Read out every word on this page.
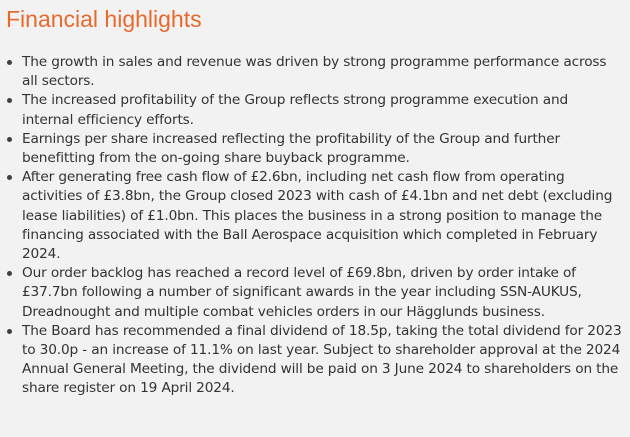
Financial highlights
The growth in sales and revenue was driven by strong programme performance across all sectors.
The increased profitability of the Group reflects strong programme execution and internal efficiency efforts.
Earnings per share increased reflecting the profitability of the Group and further benefitting from the on-going share buyback programme.
After generating free cash flow of £2.6bn, including net cash flow from operating activities of £3.8bn, the Group closed 2023 with cash of £4.1bn and net debt (excluding lease liabilities) of £1.0bn. This places the business in a strong position to manage the financing associated with the Ball Aerospace acquisition which completed in February 2024.
Our order backlog has reached a record level of £69.8bn, driven by order intake of £37.7bn following a number of significant awards in the year including SSN-AUKUS, Dreadnought and multiple combat vehicles orders in our Hägglunds business.
The Board has recommended a final dividend of 18.5p, taking the total dividend for 2023 to 30.0p - an increase of 11.1% on last year. Subject to shareholder approval at the 2024 Annual General Meeting, the dividend will be paid on 3 June 2024 to shareholders on the share register on 19 April 2024.
